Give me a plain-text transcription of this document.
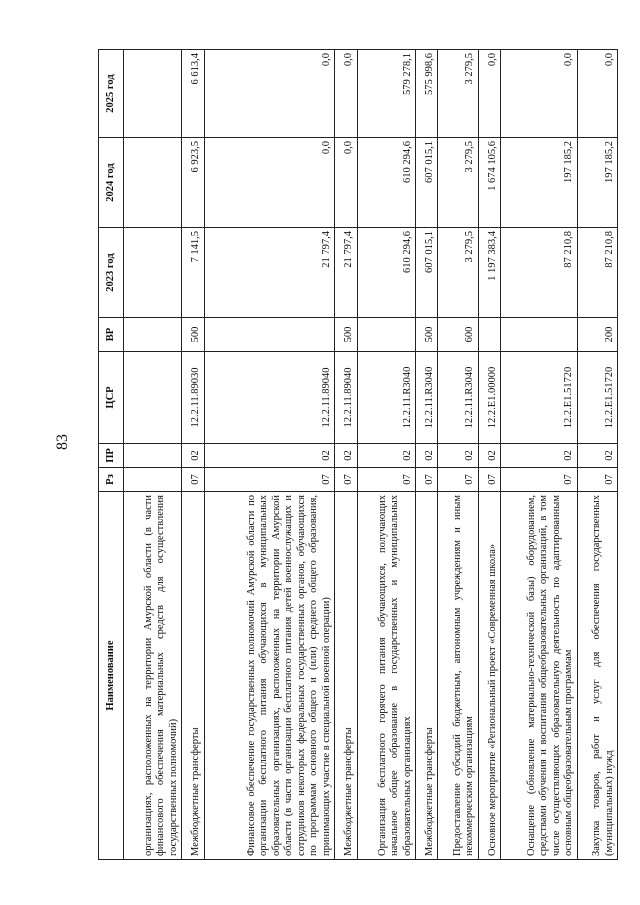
83
Наименование	Рз	ПР	ЦСР	ВР	2023 год	2024 год	2025 год
организациях, расположенных на территории Амурской области (в части финансового обеспечения материальных средств для осуществления государственных полномочий)							
Межбюджетные трансферты	07	02	12.2.11.89030	500	7 141,5	6 923,5	6 613,4
Финансовое обеспечение государственных полномочий Амурской области по организации бесплатного питания обучающихся в муниципальных образовательных организациях, расположенных на территории Амурской области (в части организации бесплатного питания детей военнослужащих и сотрудников некоторых федеральных государственных органов, обучающихся по программам основного общего и (или) среднего общего образования, принимающих участие в специальной военной операции)	07	02	12.2.11.89040		21 797,4	0,0	0,0
Межбюджетные трансферты	07	02	12.2.11.89040	500	21 797,4	0,0	0,0
Организация бесплатного горячего питания обучающихся, получающих начальное общее образование в государственных и муниципальных образовательных организациях	07	02	12.2.11.R3040		610 294,6	610 294,6	579 278,1
Межбюджетные трансферты	07	02	12.2.11.R3040	500	607 015,1	607 015,1	575 998,6
Предоставление субсидий бюджетным, автономным учреждениям и иным некоммерческим организациям	07	02	12.2.11.R3040	600	3 279,5	3 279,5	3 279,5
Основное мероприятие «Региональный проект «Современная школа»	07	02	12.2.E1.00000		1 197 383,4	1 674 105,6	0,0
Оснащение (обновление материально-технической базы) оборудованием, средствами обучения и воспитания общеобразовательных организаций, в том числе осуществляющих образовательную деятельность по адаптированным основным общеобразовательным программам	07	02	12.2.E1.51720		87 210,8	197 185,2	0,0
Закупка товаров, работ и услуг для обеспечения государственных (муниципальных) нужд	07	02	12.2.E1.51720	200	87 210,8	197 185,2	0,0
